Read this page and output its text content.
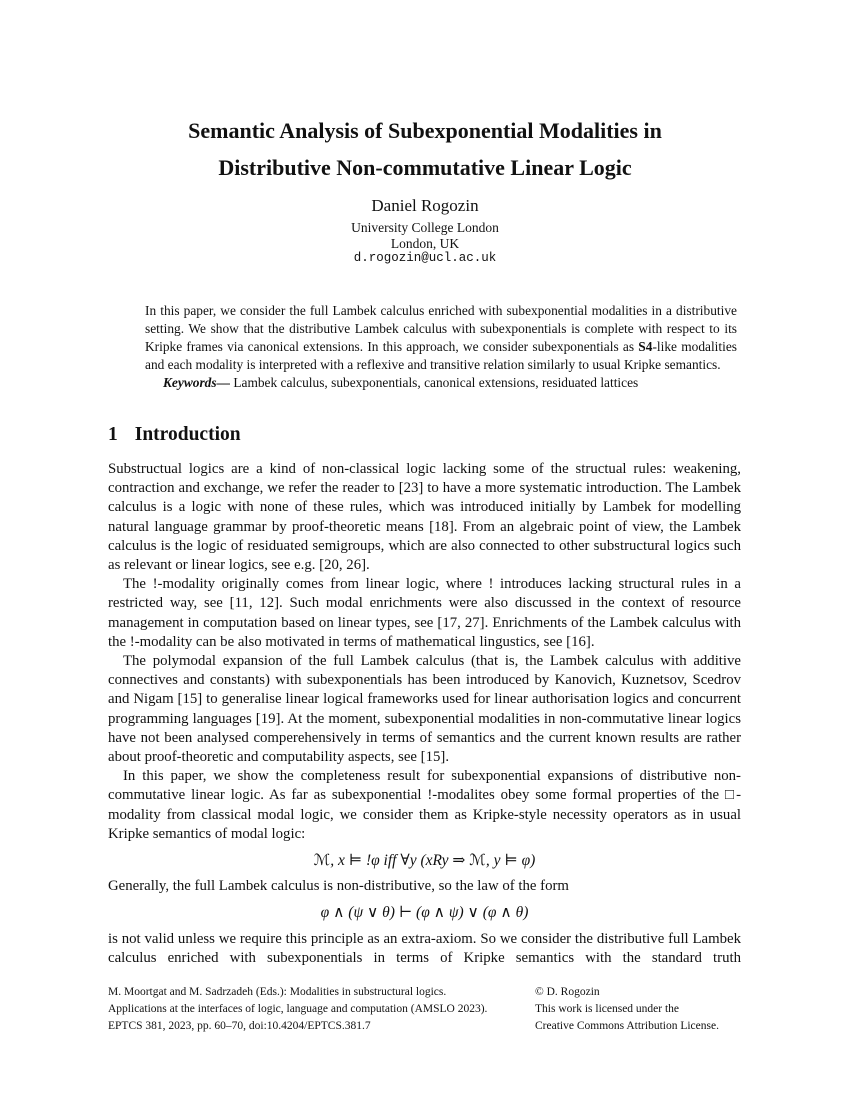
Semantic Analysis of Subexponential Modalities in
Distributive Non-commutative Linear Logic
Daniel Rogozin
University College London
London, UK
d.rogozin@ucl.ac.uk

In this paper, we consider the full Lambek calculus enriched with subexponential modalities in a distributive setting. We show that the distributive Lambek calculus with subexponentials is complete with respect to its Kripke frames via canonical extensions. In this approach, we consider subexponentials as S4-like modalities and each modality is interpreted with a reflexive and transitive relation similarly to usual Kripke semantics.

Keywords— Lambek calculus, subexponentials, canonical extensions, residuated lattices

1 Introduction

Substructual logics are a kind of non-classical logic lacking some of the structual rules: weakening, contraction and exchange, we refer the reader to [23] to have a more systematic introduction. The Lambek calculus is a logic with none of these rules, which was introduced initially by Lambek for modelling natural language grammar by proof-theoretic means [18]. From an algebraic point of view, the Lambek calculus is the logic of residuated semigroups, which are also connected to other substructural logics such as relevant or linear logics, see e.g. [20, 26].

The !-modality originally comes from linear logic, where ! introduces lacking structural rules in a restricted way, see [11, 12]. Such modal enrichments were also discussed in the context of resource management in computation based on linear types, see [17, 27]. Enrichments of the Lambek calculus with the !-modality can be also motivated in terms of mathematical lingustics, see [16].

The polymodal expansion of the full Lambek calculus (that is, the Lambek calculus with additive connectives and constants) with subexponentials has been introduced by Kanovich, Kuznetsov, Scedrov and Nigam [15] to generalise linear logical frameworks used for linear authorisation logics and concurrent programming languages [19]. At the moment, subexponential modalities in non-commutative linear logics have not been analysed comperehensively in terms of semantics and the current known results are rather about proof-theoretic and computability aspects, see [15].

In this paper, we show the completeness result for subexponential expansions of distributive non-commutative linear logic. As far as subexponential !-modalites obey some formal properties of the □-modality from classical modal logic, we consider them as Kripke-style necessity operators as in usual Kripke semantics of modal logic:

ℳ, x ⊨ !φ iff ∀y (xRy ⇒ ℳ, y ⊨ φ)

Generally, the full Lambek calculus is non-distributive, so the law of the form

φ ∧ (ψ ∨ θ) ⊢ (φ ∧ ψ) ∨ (φ ∧ θ)

is not valid unless we require this principle as an extra-axiom. So we consider the distributive full Lambek calculus enriched with subexponentials in terms of Kripke semantics with the standard truth

M. Moortgat and M. Sadrzadeh (Eds.): Modalities in substructural logics.
Applications at the interfaces of logic, language and computation (AMSLO 2023).
EPTCS 381, 2023, pp. 60–70, doi:10.4204/EPTCS.381.7
© D. Rogozin
This work is licensed under the
Creative Commons Attribution License.
